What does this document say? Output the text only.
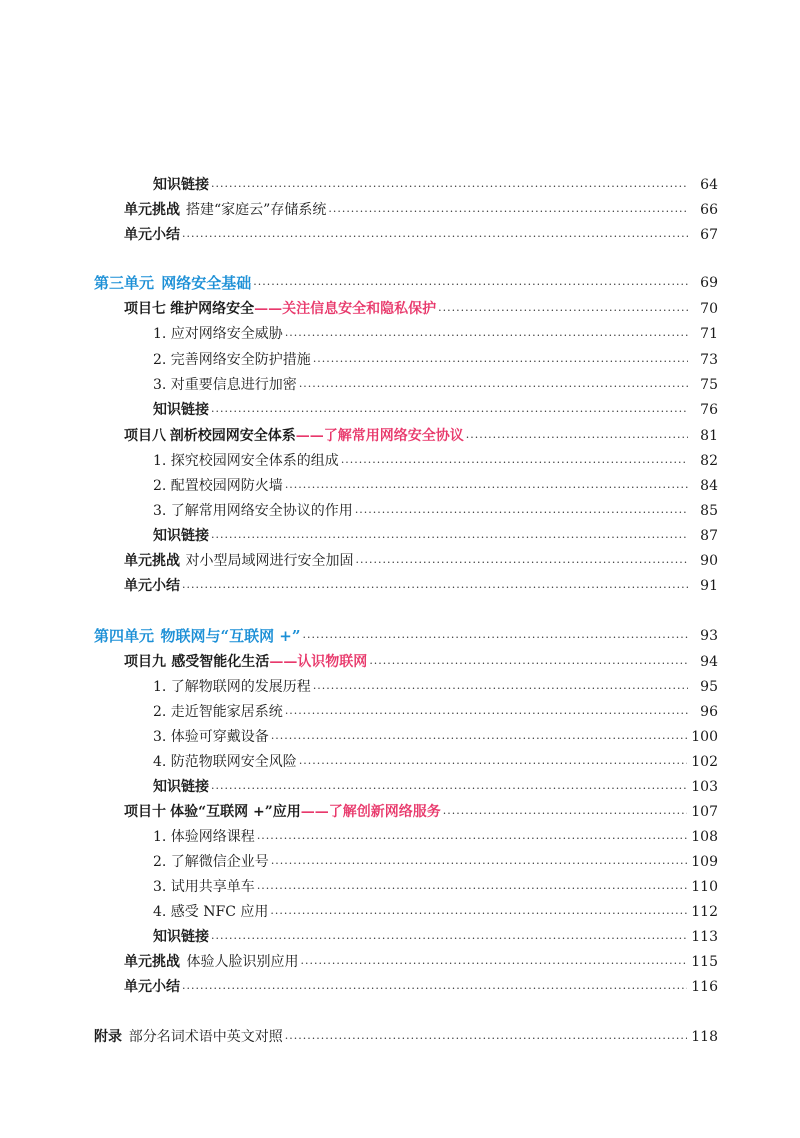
知识链接 ·····	64
单元挑战 搭建“家庭云”存储系统 ·····	66
单元小结 ·····	67
第三单元 网络安全基础 ·····	69
项目七 维护网络安全 ——关注信息安全和隐私保护 ·····	70
1. 应对网络安全威胁 ·····	71
2. 完善网络安全防护措施 ·····	73
3. 对重要信息进行加密 ·····	75
知识链接 ·····	76
项目八 剖析校园网安全体系 ——了解常用网络安全协议 ·····	81
1. 探究校园网安全体系的组成 ·····	82
2. 配置校园网防火墙 ·····	84
3. 了解常用网络安全协议的作用 ·····	85
知识链接 ·····	87
单元挑战 对小型局域网进行安全加固 ·····	90
单元小结 ·····	91
第四单元 物联网与“互联网 +” ·····	93
项目九 感受智能化生活 ——认识物联网 ·····	94
1. 了解物联网的发展历程 ·····	95
2. 走近智能家居系统 ·····	96
3. 体验可穿戴设备 ·····	100
4. 防范物联网安全风险 ·····	102
知识链接 ·····	103
项目十 体验“互联网 +”应用 ——了解创新网络服务 ·····	107
1. 体验网络课程 ·····	108
2. 了解微信企业号 ·····	109
3. 试用共享单车 ·····	110
4. 感受 NFC 应用 ·····	112
知识链接 ·····	113
单元挑战 体验人脸识别应用 ·····	115
单元小结 ·····	116
附录 部分名词术语中英文对照 ·····	118
